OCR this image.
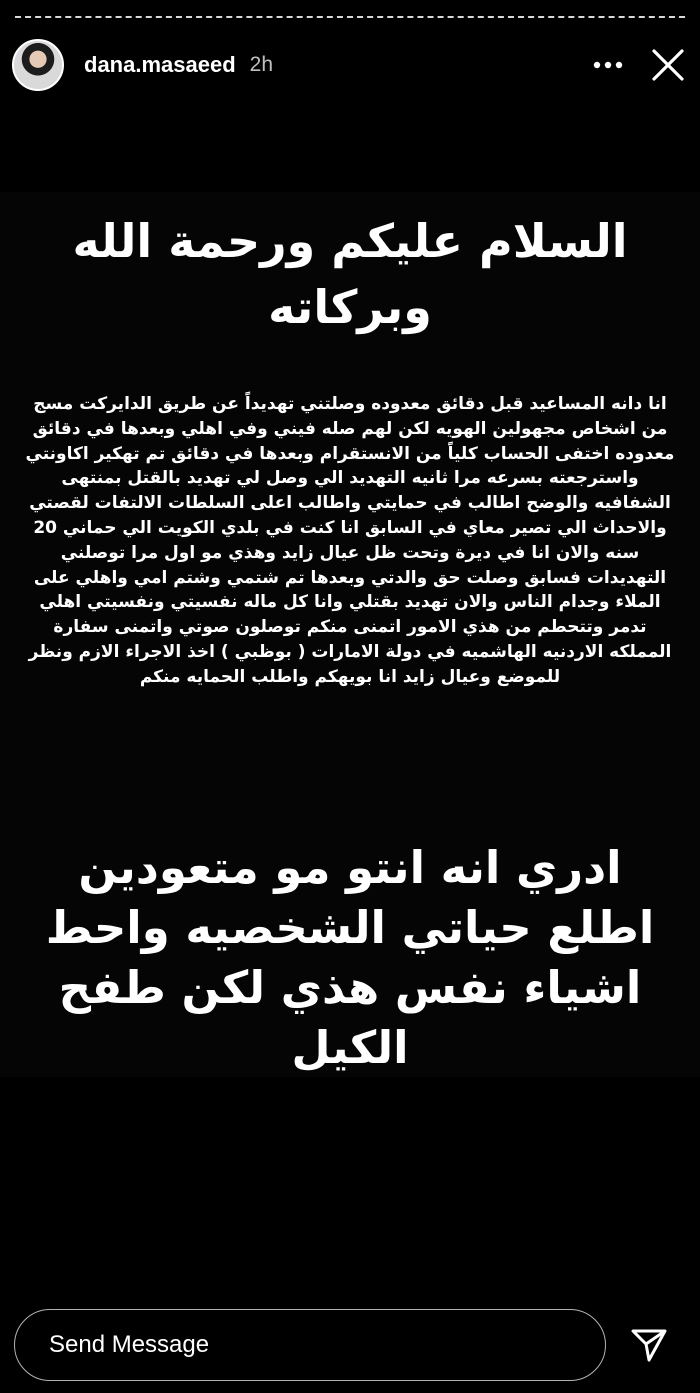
dana.masaeed 2h
السلام عليكم ورحمة الله وبركاته
انا دانه المساعيد قبل دقائق معدوده وصلتني تهديداً عن طريق الدايركت مسج من اشخاص مجهولين الهويه لكن لهم صله فيني وفي اهلي وبعدها في دقائق معدوده اختفى الحساب كلياً من الانستقرام وبعدها في دقائق تم تهكير اكاونتي واسترجعته بسرعه مرا ثانيه التهديد الي وصل لي تهديد بالقتل بمنتهى الشفافيه والوضح اطالب في حمايتي واطالب اعلى السلطات الالتفات لقصتي والاحداث الي تصير معاي في السابق انا كنت في بلدي الكويت الي حماني 20 سنه والان انا في ديرة وتحت ظل عيال زايد وهذي مو اول مرا توصلني التهديدات فسابق وصلت حق والدتي وبعدها تم شتمي وشتم امي واهلي على الملاء وجدام الناس والان تهديد بقتلي وانا كل ماله نفسيتي ونفسيتي اهلي تدمر وتتحطم من هذي الامور اتمنى منكم توصلون صوتي واتمنى سفارة المملكه الاردنيه الهاشميه في دولة الامارات ( بوظبي ) اخذ الاجراء الازم ونظر للموضع وعيال زايد انا بويهكم واطلب الحمايه منكم
ادري انه انتو مو متعودين اطلع حياتي الشخصيه واحط اشياء نفس هذي لكن طفح الكيل
Send Message
